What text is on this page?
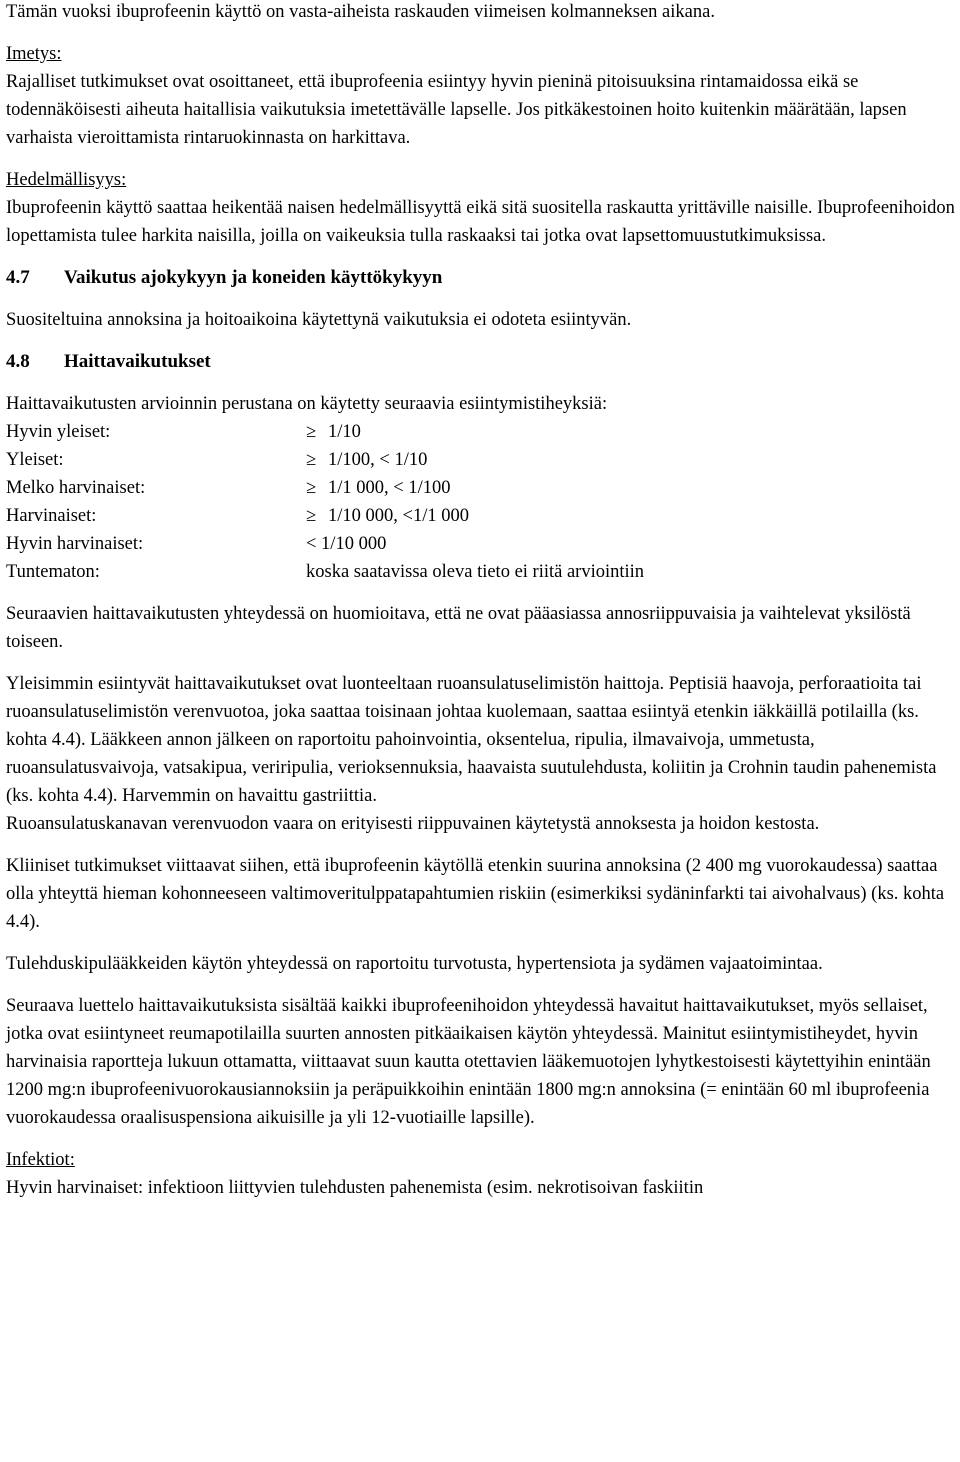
Tämän vuoksi ibuprofeenin käyttö on vasta-aiheista raskauden viimeisen kolmanneksen aikana.

Imetys:

Rajalliset tutkimukset ovat osoittaneet, että ibuprofeenia esiintyy hyvin pieninä pitoisuuksina rintamaidossa eikä se todennäköisesti aiheuta haitallisia vaikutuksia imetettävälle lapselle. Jos pitkäkestoinen hoito kuitenkin määrätään, lapsen varhaista vieroittamista rintaruokinnasta on harkittava.

Hedelmällisyys:

Ibuprofeenin käyttö saattaa heikentää naisen hedelmällisyyttä eikä sitä suositella raskautta yrittäville naisille. Ibuprofeenihoidon lopettamista tulee harkita naisilla, joilla on vaikeuksia tulla raskaaksi tai jotka ovat lapsettomuustutkimuksissa.

4.7 Vaikutus ajokykyyn ja koneiden käyttökykyyn

Suositeltuina annoksina ja hoitoaikoina käytettynä vaikutuksia ei odoteta esiintyvän.

4.8 Haittavaikutukset

Haittavaikutusten arvioinnin perustana on käytetty seuraavia esiintymistiheyksiä:

Hyvin yleiset:	≥ 1/10
Yleiset:	≥ 1/100, < 1/10
Melko harvinaiset:	≥ 1/1 000, < 1/100
Harvinaiset:	≥ 1/10 000, <1/1 000
Hyvin harvinaiset:	< 1/10 000
Tuntematon:	koska saatavissa oleva tieto ei riitä arviointiin

Seuraavien haittavaikutusten yhteydessä on huomioitava, että ne ovat pääasiassa annosriippuvaisia ja vaihtelevat yksilöstä toiseen.

Yleisimmin esiintyvät haittavaikutukset ovat luonteeltaan ruoansulatuselimistön haittoja. Peptisiä haavoja, perforaatioita tai ruoansulatuselimistön verenvuotoa, joka saattaa toisinaan johtaa kuolemaan, saattaa esiintyä etenkin iäkkäillä potilailla (ks. kohta 4.4). Lääkkeen annon jälkeen on raportoitu pahoinvointia, oksentelua, ripulia, ilmavaivoja, ummetusta, ruoansulatusvaivoja, vatsakipua, veriripulia, verioksennuksia, haavaista suutulehdusta, koliitin ja Crohnin taudin pahenemista (ks. kohta 4.4). Harvemmin on havaittu gastriittia.

Ruoansulatuskanavan verenvuodon vaara on erityisesti riippuvainen käytetystä annoksesta ja hoidon kestosta.

Kliiniset tutkimukset viittaavat siihen, että ibuprofeenin käytöllä etenkin suurina annoksina (2 400 mg vuorokaudessa) saattaa olla yhteyttä hieman kohonneeseen valtimoveritulppatapahtumien riskiin (esimerkiksi sydäninfarkti tai aivohalvaus) (ks. kohta 4.4).

Tulehduskipulääkkeiden käytön yhteydessä on raportoitu turvotusta, hypertensiota ja sydämen vajaatoimintaa.

Seuraava luettelo haittavaikutuksista sisältää kaikki ibuprofeenihoidon yhteydessä havaitut haittavaikutukset, myös sellaiset, jotka ovat esiintyneet reumapotilailla suurten annosten pitkäaikaisen käytön yhteydessä. Mainitut esiintymistiheydet, hyvin harvinaisia raportteja lukuun ottamatta, viittaavat suun kautta otettavien lääkemuotojen lyhytkestoisesti käytettyihin enintään 1200 mg:n ibuprofeenivuorokausiannoksiin ja peräpuikkoihin enintään 1800 mg:n annoksina (= enintään 60 ml ibuprofeenia vuorokaudessa oraalisuspensiona aikuisille ja yli 12-vuotiaille lapsille).

Infektiot:

Hyvin harvinaiset: infektioon liittyvien tulehdusten pahenemista (esim. nekrotisoivan faskiitin
